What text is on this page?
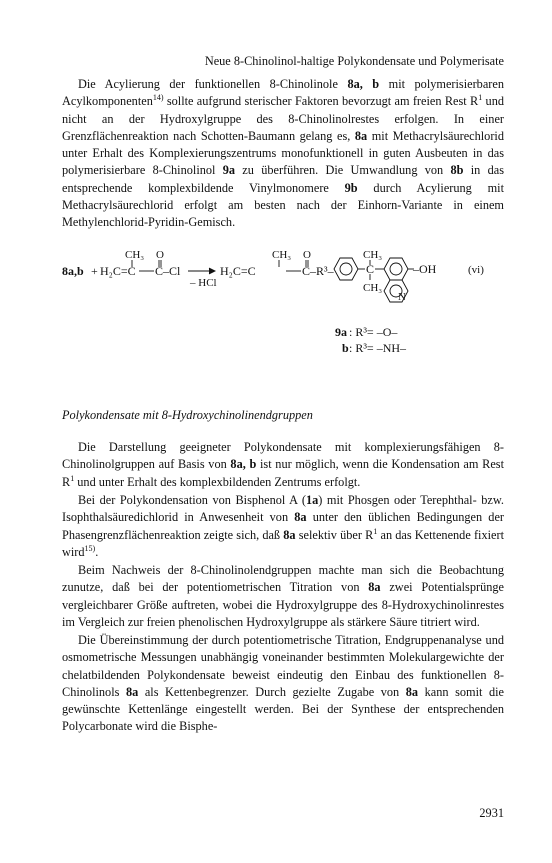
Neue 8-Chinolinol-haltige Polykondensate und Polymerisate

Die Acylierung der funktionellen 8-Chinolinole 8a, b mit polymerisierbaren Acylkomponenten$^{14)}$ sollte aufgrund sterischer Faktoren bevorzugt am freien Rest $R^1$ und nicht an der Hydroxylgruppe des 8-Chinolinolrestes erfolgen. In einer Grenzflächenreaktion nach Schotten-Baumann gelang es, 8a mit Methacrylsäurechlorid unter Erhalt des Komplexierungszentrums monofunktionell in guten Ausbeuten in das polymerisierbare 8-Chinolinol 9a zu überführen. Die Umwandlung von 8b in das entsprechende komplexbildende Vinylmonomere 9b durch Acylierung mit Methacrylsäurechlorid erfolgt am besten nach der Einhorn-Variante in einem Methylenchlorid-Pyridin-Gemisch.

8a,b +
CH₃ O
H₂C=C C–Cl
– HCl
CH₃ O
H₂C=C	C–R³–
CH₃
C
CH₃
–OH
N
(vi)
9a : R³= –O–
b : R³= –NH–
Polykondensate mit 8-Hydroxychinolinendgruppen

Die Darstellung geeigneter Polykondensate mit komplexierungsfähigen 8-Chinolinolgruppen auf Basis von 8a, b ist nur möglich, wenn die Kondensation am Rest $R^1$ und unter Erhalt des komplexbildenden Zentrums erfolgt.

Bei der Polykondensation von Bisphenol A (1a) mit Phosgen oder Terephthal- bzw. Isophthalsäuredichlorid in Anwesenheit von 8a unter den üblichen Bedingungen der Phasengrenzflächenreaktion zeigte sich, daß 8a selektiv über $R^1$ an das Kettenende fixiert wird$^{15)}$.

Beim Nachweis der 8-Chinolinolendgruppen machte man sich die Beobachtung zunutze, daß bei der potentiometrischen Titration von 8a zwei Potentialsprünge vergleichbarer Größe auftreten, wobei die Hydroxylgruppe des 8-Hydroxychinolinrestes im Vergleich zur freien phenolischen Hydroxylgruppe als stärkere Säure titriert wird.

Die Übereinstimmung der durch potentiometrische Titration, Endgruppenanalyse und osmometrische Messungen unabhängig voneinander bestimmten Molekulargewichte der chelatbildenden Polykondensate beweist eindeutig den Einbau des funktionellen 8-Chinolinols 8a als Kettenbegrenzer. Durch gezielte Zugabe von 8a kann somit die gewünschte Kettenlänge eingestellt werden. Bei der Synthese der entsprechenden Polycarbonate wird die Bisphe-

2931
